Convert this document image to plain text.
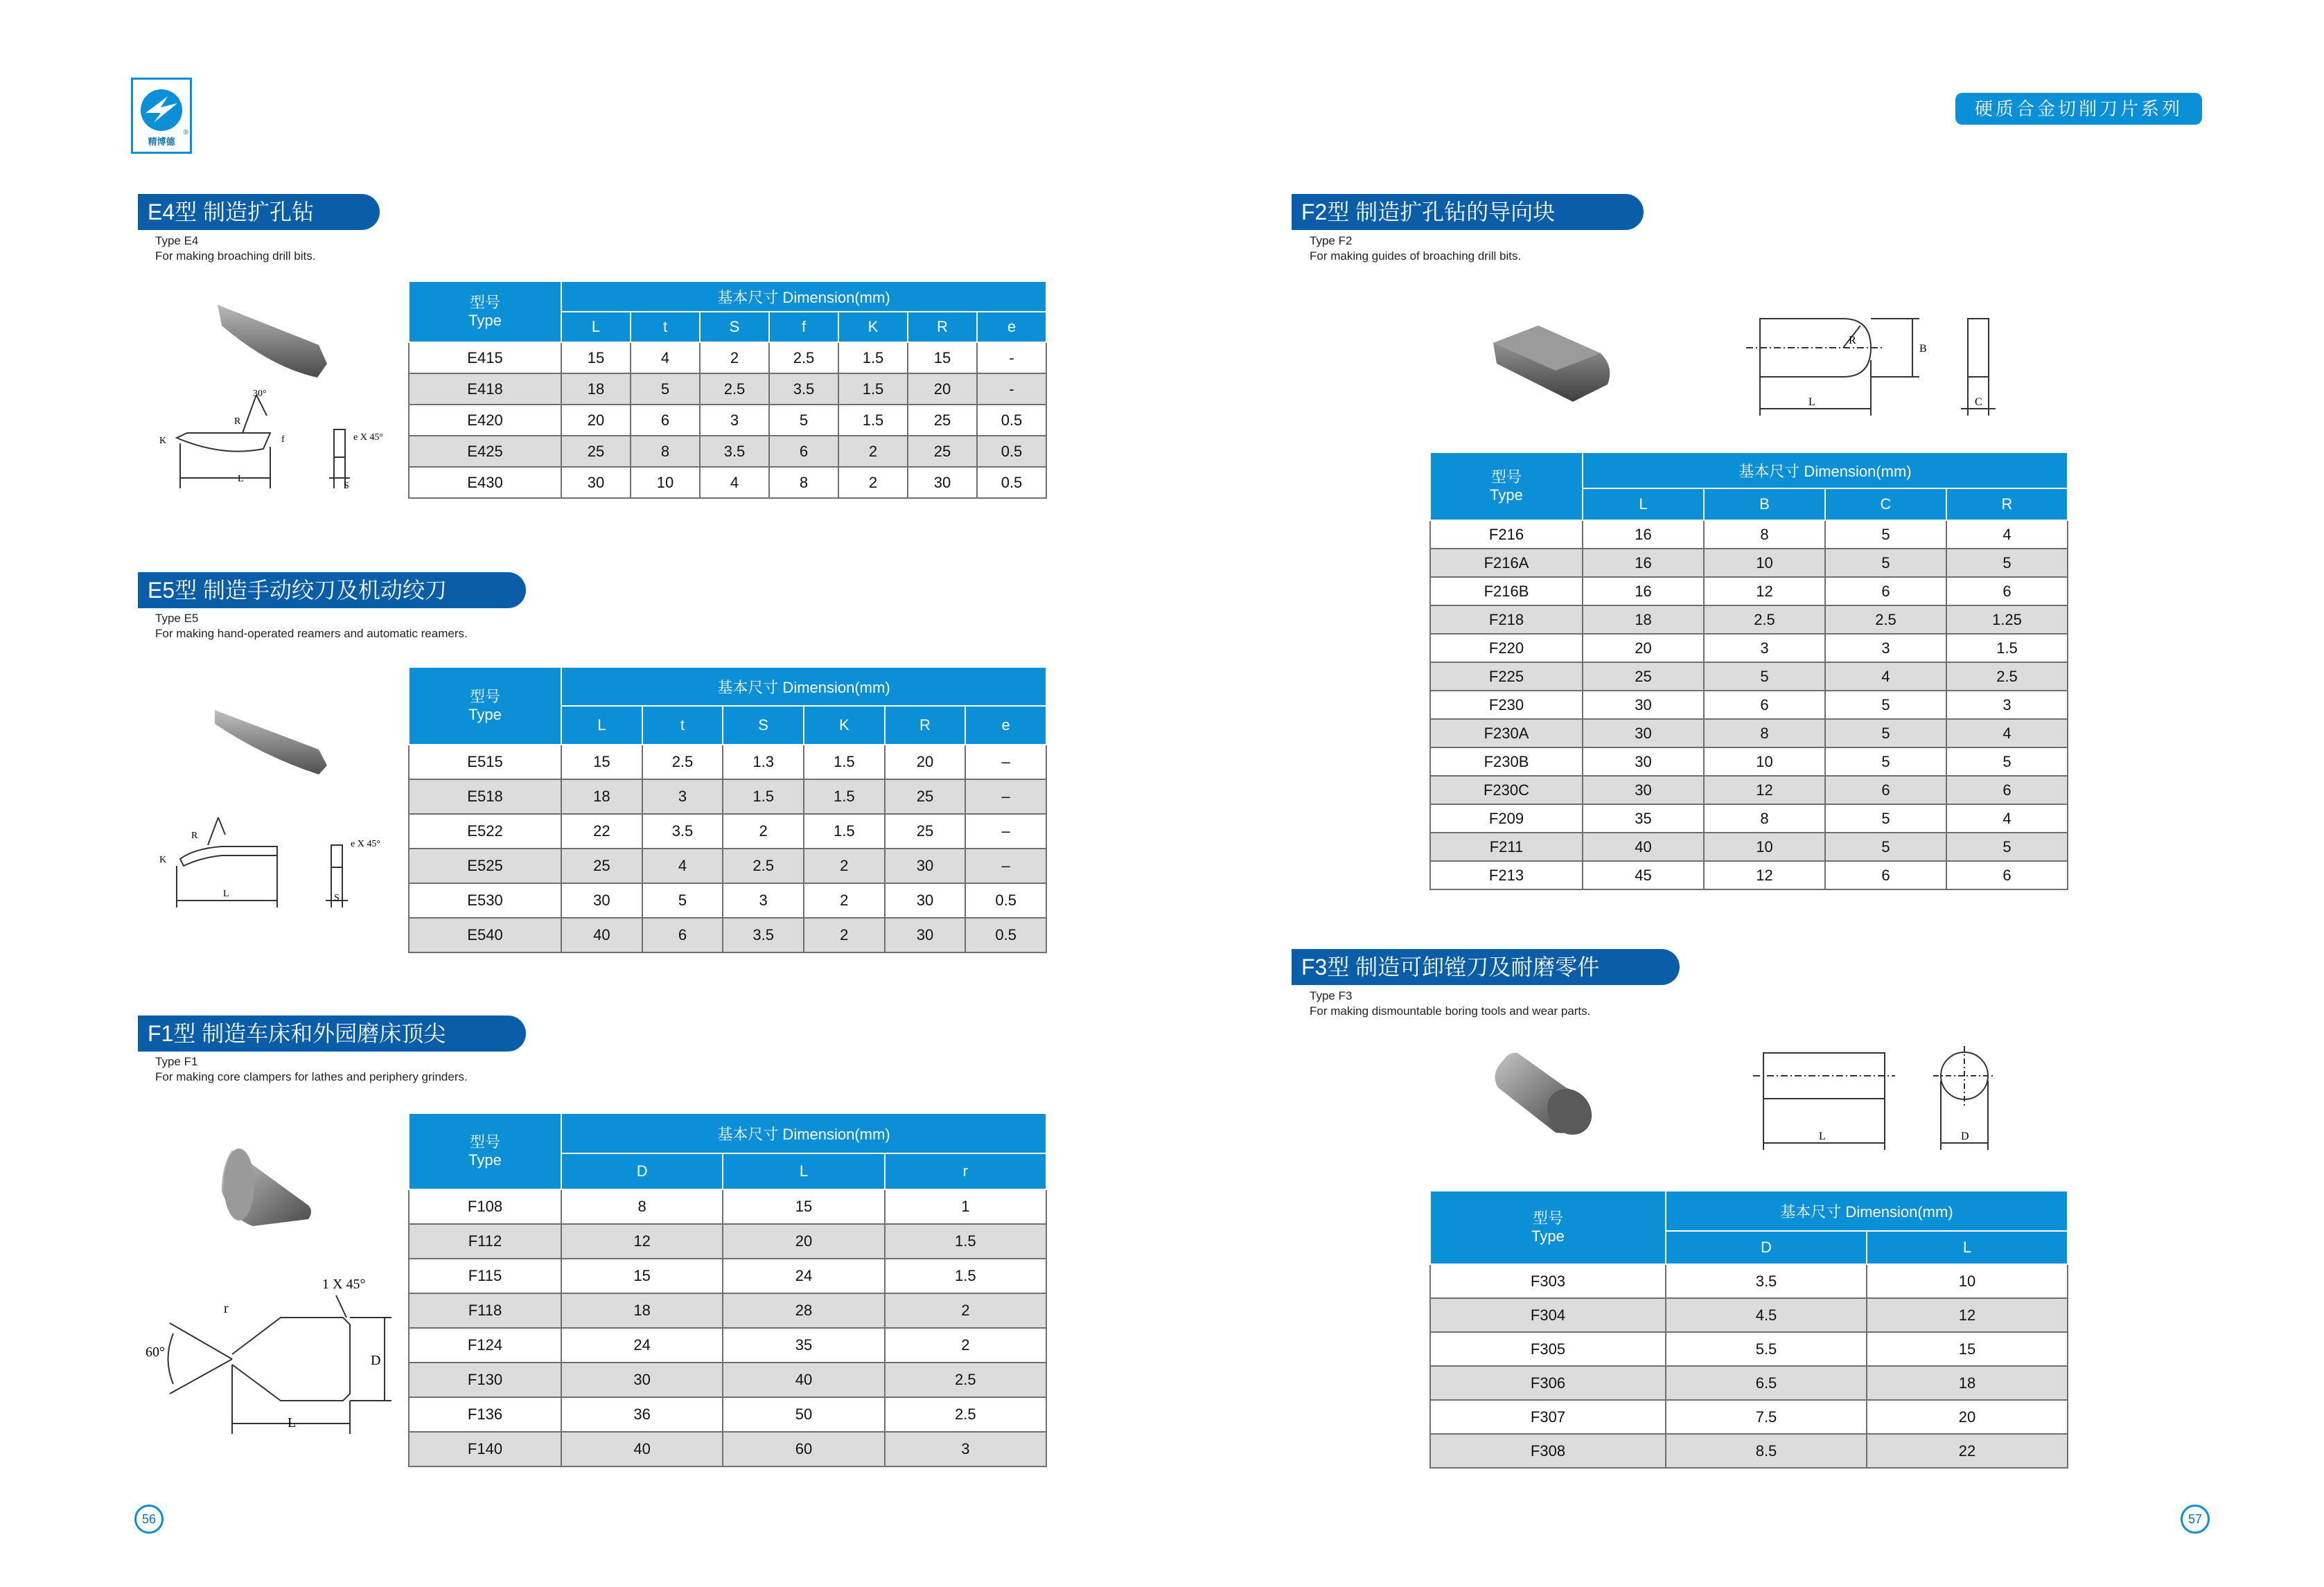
精博德
®
硬质合金切削刀片系列
E4型 制造扩孔钻
Type E4
For making broaching drill bits.
L
R
30°
K	f
S
e X 45°
型号
Type	基本尺寸 Dimension(mm)						
	L	t	S	f	K	R	e
E415	15	4	2	2.5	1.5	15	-
E418	18	5	2.5	3.5	1.5	20	-
E420	20	6	3	5	1.5	25	0.5
E425	25	8	3.5	6	2	25	0.5
E430	30	10	4	8	2	30	0.5
E5型 制造手动绞刀及机动绞刀
Type E5
For making hand-operated reamers and automatic reamers.
L
R
K
S
e X 45°
型号
Type	基本尺寸 Dimension(mm)					
	L	t	S	K	R	e
E515	15	2.5	1.3	1.5	20	–
E518	18	3	1.5	1.5	25	–
E522	22	3.5	2	1.5	25	–
E525	25	4	2.5	2	30	–
E530	30	5	3	2	30	0.5
E540	40	6	3.5	2	30	0.5
F1型 制造车床和外园磨床顶尖
Type F1
For making core clampers for lathes and periphery grinders.
L
D
60°
r
1 X 45°
型号
Type	基本尺寸 Dimension(mm)		
	D	L	r
F108	8	15	1
F112	12	20	1.5
F115	15	24	1.5
F118	18	28	2
F124	24	35	2
F130	30	40	2.5
F136	36	50	2.5
F140	40	60	3
F2型 制造扩孔钻的导向块
Type F2
For making guides of broaching drill bits.
L
B
R
C
型号
Type	基本尺寸 Dimension(mm)			
	L	B	C	R
F216	16	8	5	4
F216A	16	10	5	5
F216B	16	12	6	6
F218	18	2.5	2.5	1.25
F220	20	3	3	1.5
F225	25	5	4	2.5
F230	30	6	5	3
F230A	30	8	5	4
F230B	30	10	5	5
F230C	30	12	6	6
F209	35	8	5	4
F211	40	10	5	5
F213	45	12	6	6
F3型 制造可卸镗刀及耐磨零件
Type F3
For making dismountable boring tools and wear parts.
L	D
型号
Type	基本尺寸 Dimension(mm)	
	D	L
F303	3.5	10
F304	4.5	12
F305	5.5	15
F306	6.5	18
F307	7.5	20
F308	8.5	22
56	57
